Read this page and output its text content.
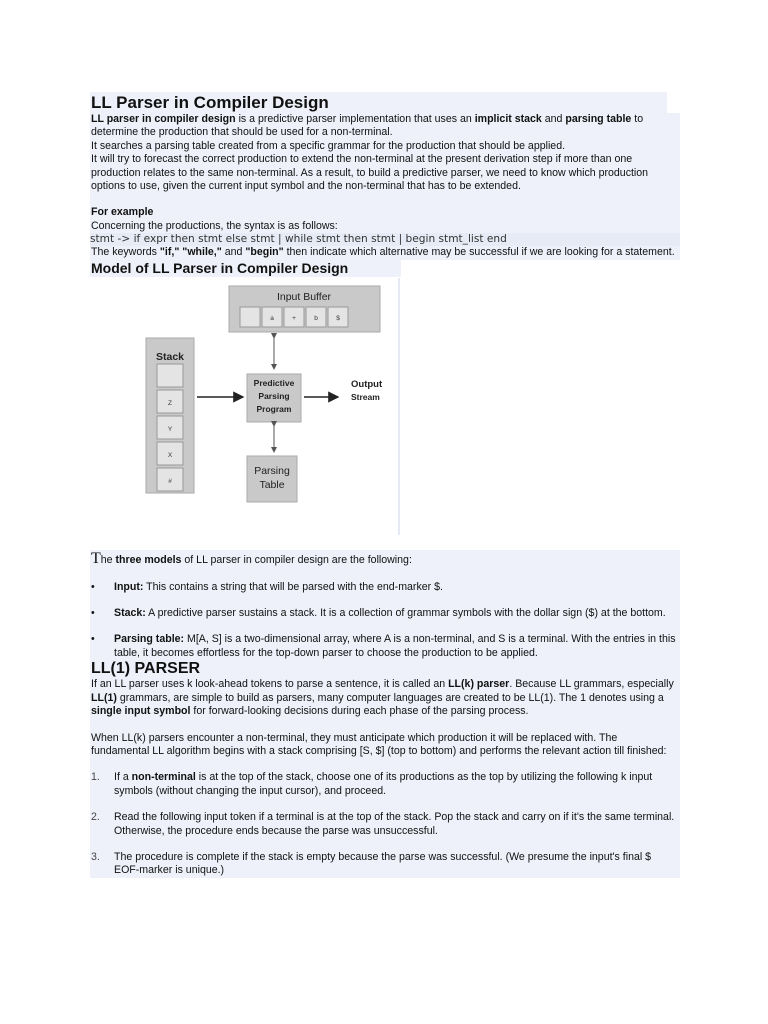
LL Parser in Compiler Design

LL parser in compiler design is a predictive parser implementation that uses an implicit stack and parsing table to determine the production that should be used for a non-terminal.

It searches a parsing table created from a specific grammar for the production that should be applied.

It will try to forecast the correct production to extend the non-terminal at the present derivation step if more than one production relates to the same non-terminal. As a result, to build a predictive parser, we need to know which production options to use, given the current input symbol and the non-terminal that has to be extended.

For example

Concerning the productions, the syntax is as follows:

stmt -> if expr then stmt else stmt | while stmt then stmt | begin stmt_list end

The keywords "if," "while," and "begin" then indicate which alternative may be successful if we are looking for a statement.

Model of LL Parser in Compiler Design
Input Buffer
a	+	b	$
Stack
Z
Y
X
#
Predictive
Parsing
Program
Output
Stream
Parsing
Table

The three models of LL parser in compiler design are the following:

• Input: This contains a string that will be parsed with the end-marker $.
• Stack: A predictive parser sustains a stack. It is a collection of grammar symbols with the dollar sign ($) at the bottom.
• Parsing table: M[A, S] is a two-dimensional array, where A is a non-terminal, and S is a terminal. With the entries in this table, it becomes effortless for the top-down parser to choose the production to be applied.
LL(1) PARSER

If an LL parser uses k look-ahead tokens to parse a sentence, it is called an LL(k) parser. Because LL grammars, especially LL(1) grammars, are simple to build as parsers, many computer languages are created to be LL(1). The 1 denotes using a single input symbol for forward-looking decisions during each phase of the parsing process.

When LL(k) parsers encounter a non-terminal, they must anticipate which production it will be replaced with. The fundamental LL algorithm begins with a stack comprising [S, $] (top to bottom) and performs the relevant action till finished:

1. If a non-terminal is at the top of the stack, choose one of its productions as the top by utilizing the following k input symbols (without changing the input cursor), and proceed.
2. Read the following input token if a terminal is at the top of the stack. Pop the stack and carry on if it's the same terminal. Otherwise, the procedure ends because the parse was unsuccessful.
3. The procedure is complete if the stack is empty because the parse was successful. (We presume the input's final $ EOF-marker is unique.)
